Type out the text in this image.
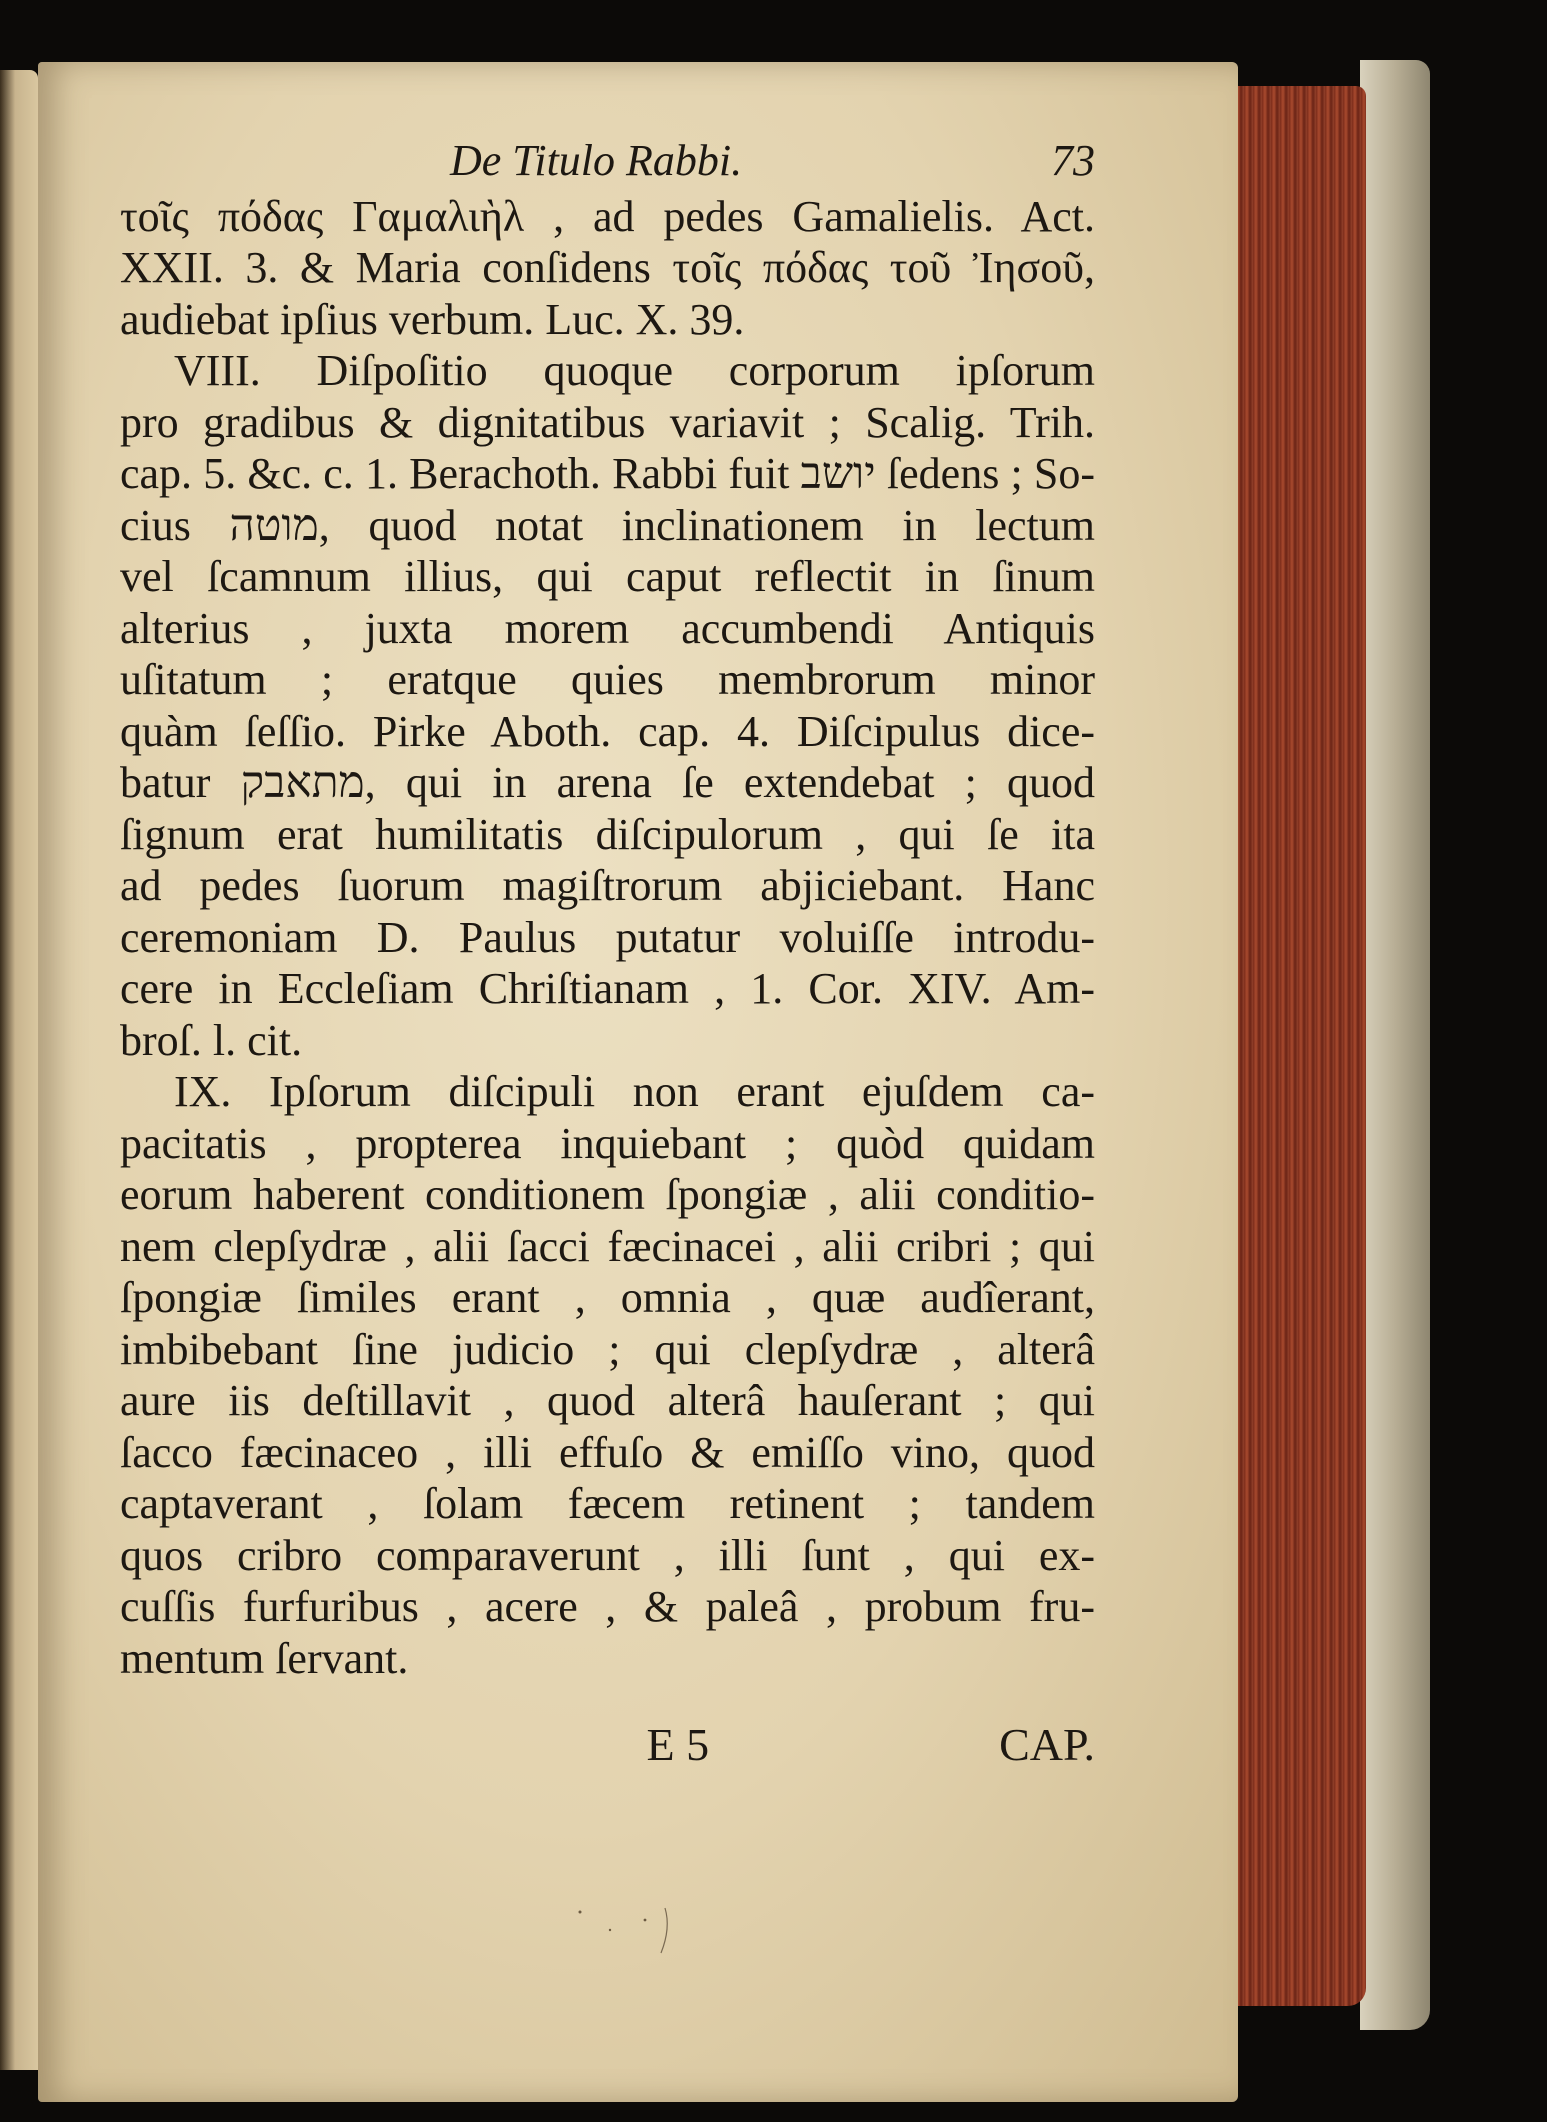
De Titulo Rabbi.	73
τοῖς πόδας Γαμαλιὴλ , ad pedes Gamalielis. Act.
XXII. 3. & Maria conſidens τοῖς πόδας τοῦ Ἰησοῦ,
audiebat ipſius verbum. Luc. X. 39.
VIII. Diſpoſitio quoque corporum ipſorum
pro gradibus & dignitatibus variavit ; Scalig. Trih.
cap. 5. &c. c. 1. Berachoth. Rabbi fuit יושב ſedens ; So-
cius מוטה, quod notat inclinationem in lectum
vel ſcamnum illius, qui caput reflectit in ſinum
alterius , juxta morem accumbendi Antiquis
uſitatum ; eratque quies membrorum minor
quàm ſeſſio. Pirke Aboth. cap. 4. Diſcipulus dice-
batur מתאבק, qui in arena ſe extendebat ; quod
ſignum erat humilitatis diſcipulorum , qui ſe ita
ad pedes ſuorum magiſtrorum abjiciebant. Hanc
ceremoniam D. Paulus putatur voluiſſe introdu-
cere in Eccleſiam Chriſtianam , 1. Cor. XIV. Am-
broſ. l. cit.
IX. Ipſorum diſcipuli non erant ejuſdem ca-
pacitatis , propterea inquiebant ; quòd quidam
eorum haberent conditionem ſpongiæ , alii conditio-
nem clepſydræ , alii ſacci fæcinacei , alii cribri ; qui
ſpongiæ ſimiles erant , omnia , quæ audîerant,
imbibebant ſine judicio ; qui clepſydræ , alterâ
aure iis deſtillavit , quod alterâ hauſerant ; qui
ſacco fæcinaceo , illi effuſo & emiſſo vino, quod
captaverant , ſolam fæcem retinent ; tandem
quos cribro comparaverunt , illi ſunt , qui ex-
cuſſis furfuribus , acere , & paleâ , probum fru-
mentum ſervant.
E 5	CAP.
